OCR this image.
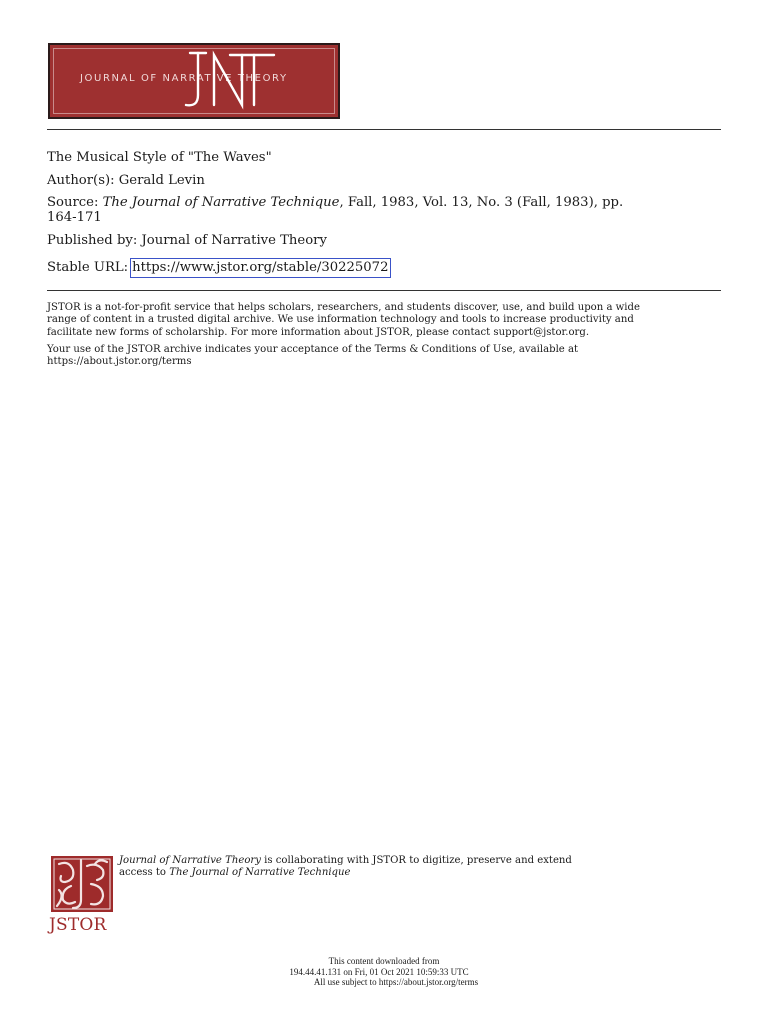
JOURNAL OF NARRATIVE THEORY
The Musical Style of "The Waves"
Author(s): Gerald Levin
Source: The Journal of Narrative Technique, Fall, 1983, Vol. 13, No. 3 (Fall, 1983), pp.
164-171
Published by: Journal of Narrative Theory
Stable URL: https://www.jstor.org/stable/30225072

JSTOR is a not-for-profit service that helps scholars, researchers, and students discover, use, and build upon a wide

range of content in a trusted digital archive. We use information technology and tools to increase productivity and

facilitate new forms of scholarship. For more information about JSTOR, please contact support@jstor.org.

Your use of the JSTOR archive indicates your acceptance of the Terms & Conditions of Use, available at

https://about.jstor.org/terms

JSTOR

Journal of Narrative Theory is collaborating with JSTOR to digitize, preserve and extend

access to The Journal of Narrative Technique

This content downloaded from

194.44.41.131 on Fri, 01 Oct 2021 10:59:33 UTC

All use subject to https://about.jstor.org/terms
